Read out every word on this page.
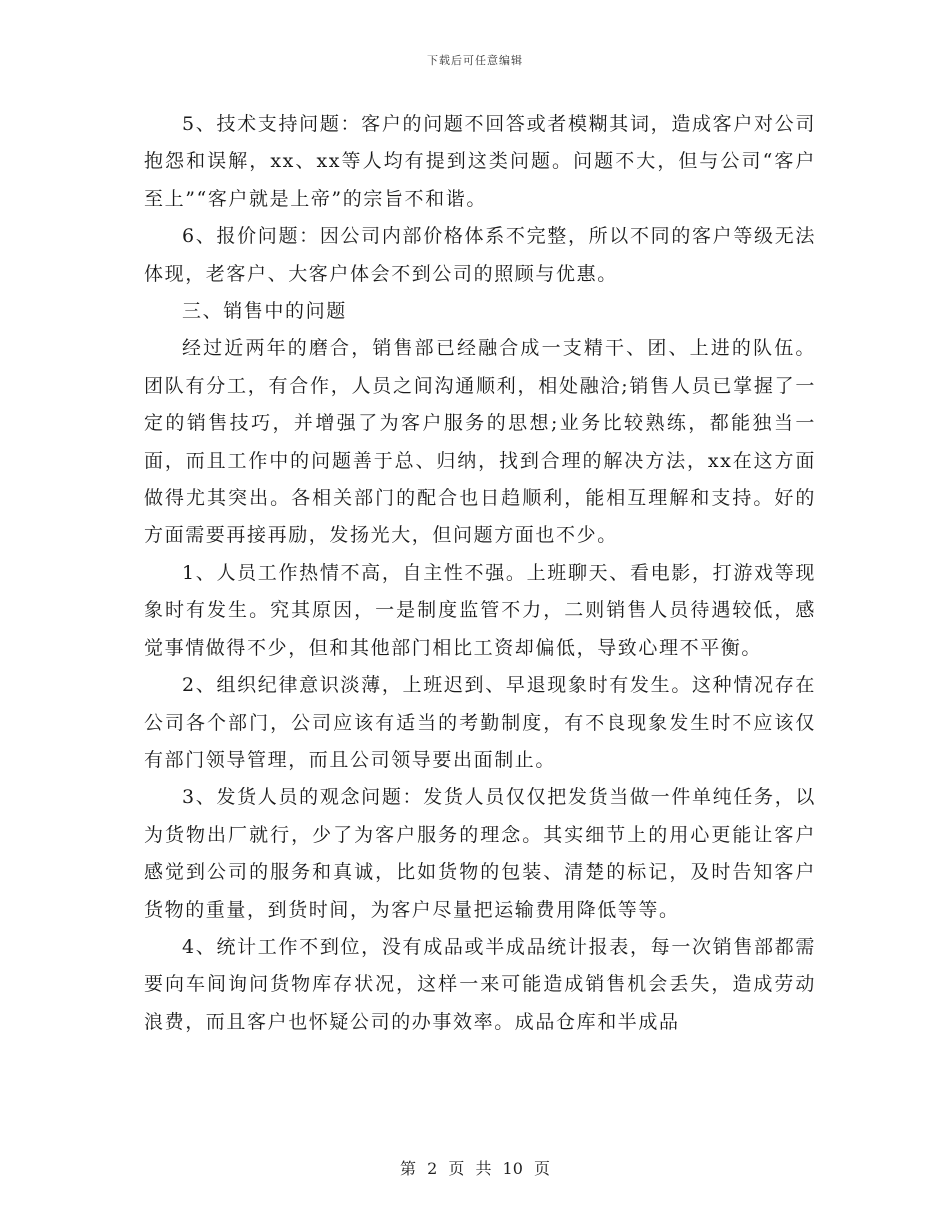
下载后可任意编辑

5、技术支持问题：客户的问题不回答或者模糊其词，造成客户对公司抱怨和误解，xx、xx等人均有提到这类问题。问题不大，但与公司“客户至上”“客户就是上帝”的宗旨不和谐。

6、报价问题：因公司内部价格体系不完整，所以不同的客户等级无法体现，老客户、大客户体会不到公司的照顾与优惠。

三、销售中的问题

经过近两年的磨合，销售部已经融合成一支精干、团、上进的队伍。团队有分工，有合作，人员之间沟通顺利，相处融洽;销售人员已掌握了一定的销售技巧，并增强了为客户服务的思想;业务比较熟练，都能独当一面，而且工作中的问题善于总、归纳，找到合理的解决方法，xx在这方面做得尤其突出。各相关部门的配合也日趋顺利，能相互理解和支持。好的方面需要再接再励，发扬光大，但问题方面也不少。

1、人员工作热情不高，自主性不强。上班聊天、看电影，打游戏等现象时有发生。究其原因，一是制度监管不力，二则销售人员待遇较低，感觉事情做得不少，但和其他部门相比工资却偏低，导致心理不平衡。

2、组织纪律意识淡薄，上班迟到、早退现象时有发生。这种情况存在公司各个部门，公司应该有适当的考勤制度，有不良现象发生时不应该仅有部门领导管理，而且公司领导要出面制止。

3、发货人员的观念问题：发货人员仅仅把发货当做一件单纯任务，以为货物出厂就行，少了为客户服务的理念。其实细节上的用心更能让客户感觉到公司的服务和真诚，比如货物的包装、清楚的标记，及时告知客户货物的重量，到货时间，为客户尽量把运输费用降低等等。

4、统计工作不到位，没有成品或半成品统计报表，每一次销售部都需要向车间询问货物库存状况，这样一来可能造成销售机会丢失，造成劳动浪费，而且客户也怀疑公司的办事效率。成品仓库和半成品

第 2 页 共 10 页
